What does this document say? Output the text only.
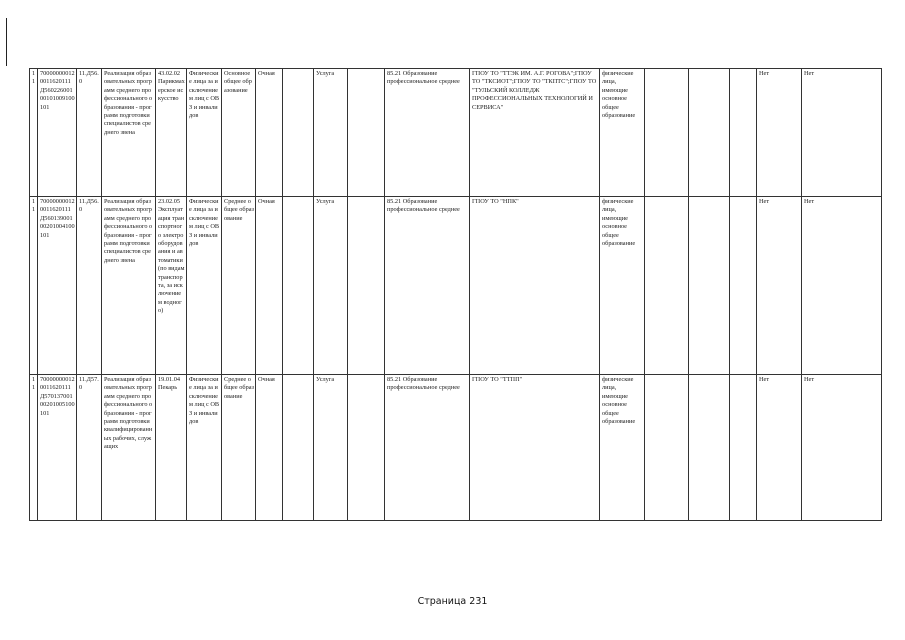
11	700000000120011620111Д56022600100101009100101	11.Д56.0	Реализация образовательных программ среднего профессионального образования - программ подготовки специалистов среднего звена	43.02.02 Парикмахерское искусство	Физические лица за исключением лиц с ОВЗ и инвалидов	Основное общее образование	Очная		Услуга		85.21 Образование профессиональное среднее	ГПОУ ТО "ТТЭК ИМ. А.Г. РОГОВА";ГПОУ ТО "ТКСИОТ";ГПОУ ТО "ТКПТС";ГПОУ ТО "ТУЛЬСКИЙ КОЛЛЕДЖ ПРОФЕССИОНАЛЬНЫХ ТЕХНОЛОГИЙ И СЕРВИСА"	физические лица, имеющие основное общее образование				Нет	Нет
11	700000000120011620111Д56013900100201004100101	11.Д56.0	Реализация образовательных программ среднего профессионального образования - программ подготовки специалистов среднего звена	23.02.05 Эксплуатация транспортного электрооборудования и автоматики (по видам транспорта, за исключением водного)	Физические лица за исключением лиц с ОВЗ и инвалидов	Среднее общее образование	Очная		Услуга		85.21 Образование профессиональное среднее	ГПОУ ТО "НПК"	физические лица, имеющие основное общее образование				Нет	Нет
11	700000000120011620111Д57013700100201005100101	11.Д57.0	Реализация образовательных программ среднего профессионального образования - программ подготовки квалифицированных рабочих, служащих	19.01.04 Пекарь	Физические лица за исключением лиц с ОВЗ и инвалидов	Среднее общее образование	Очная		Услуга		85.21 Образование профессиональное среднее	ГПОУ ТО "ТТПП"	физические лица, имеющие основное общее образование				Нет	Нет
Страница 231
